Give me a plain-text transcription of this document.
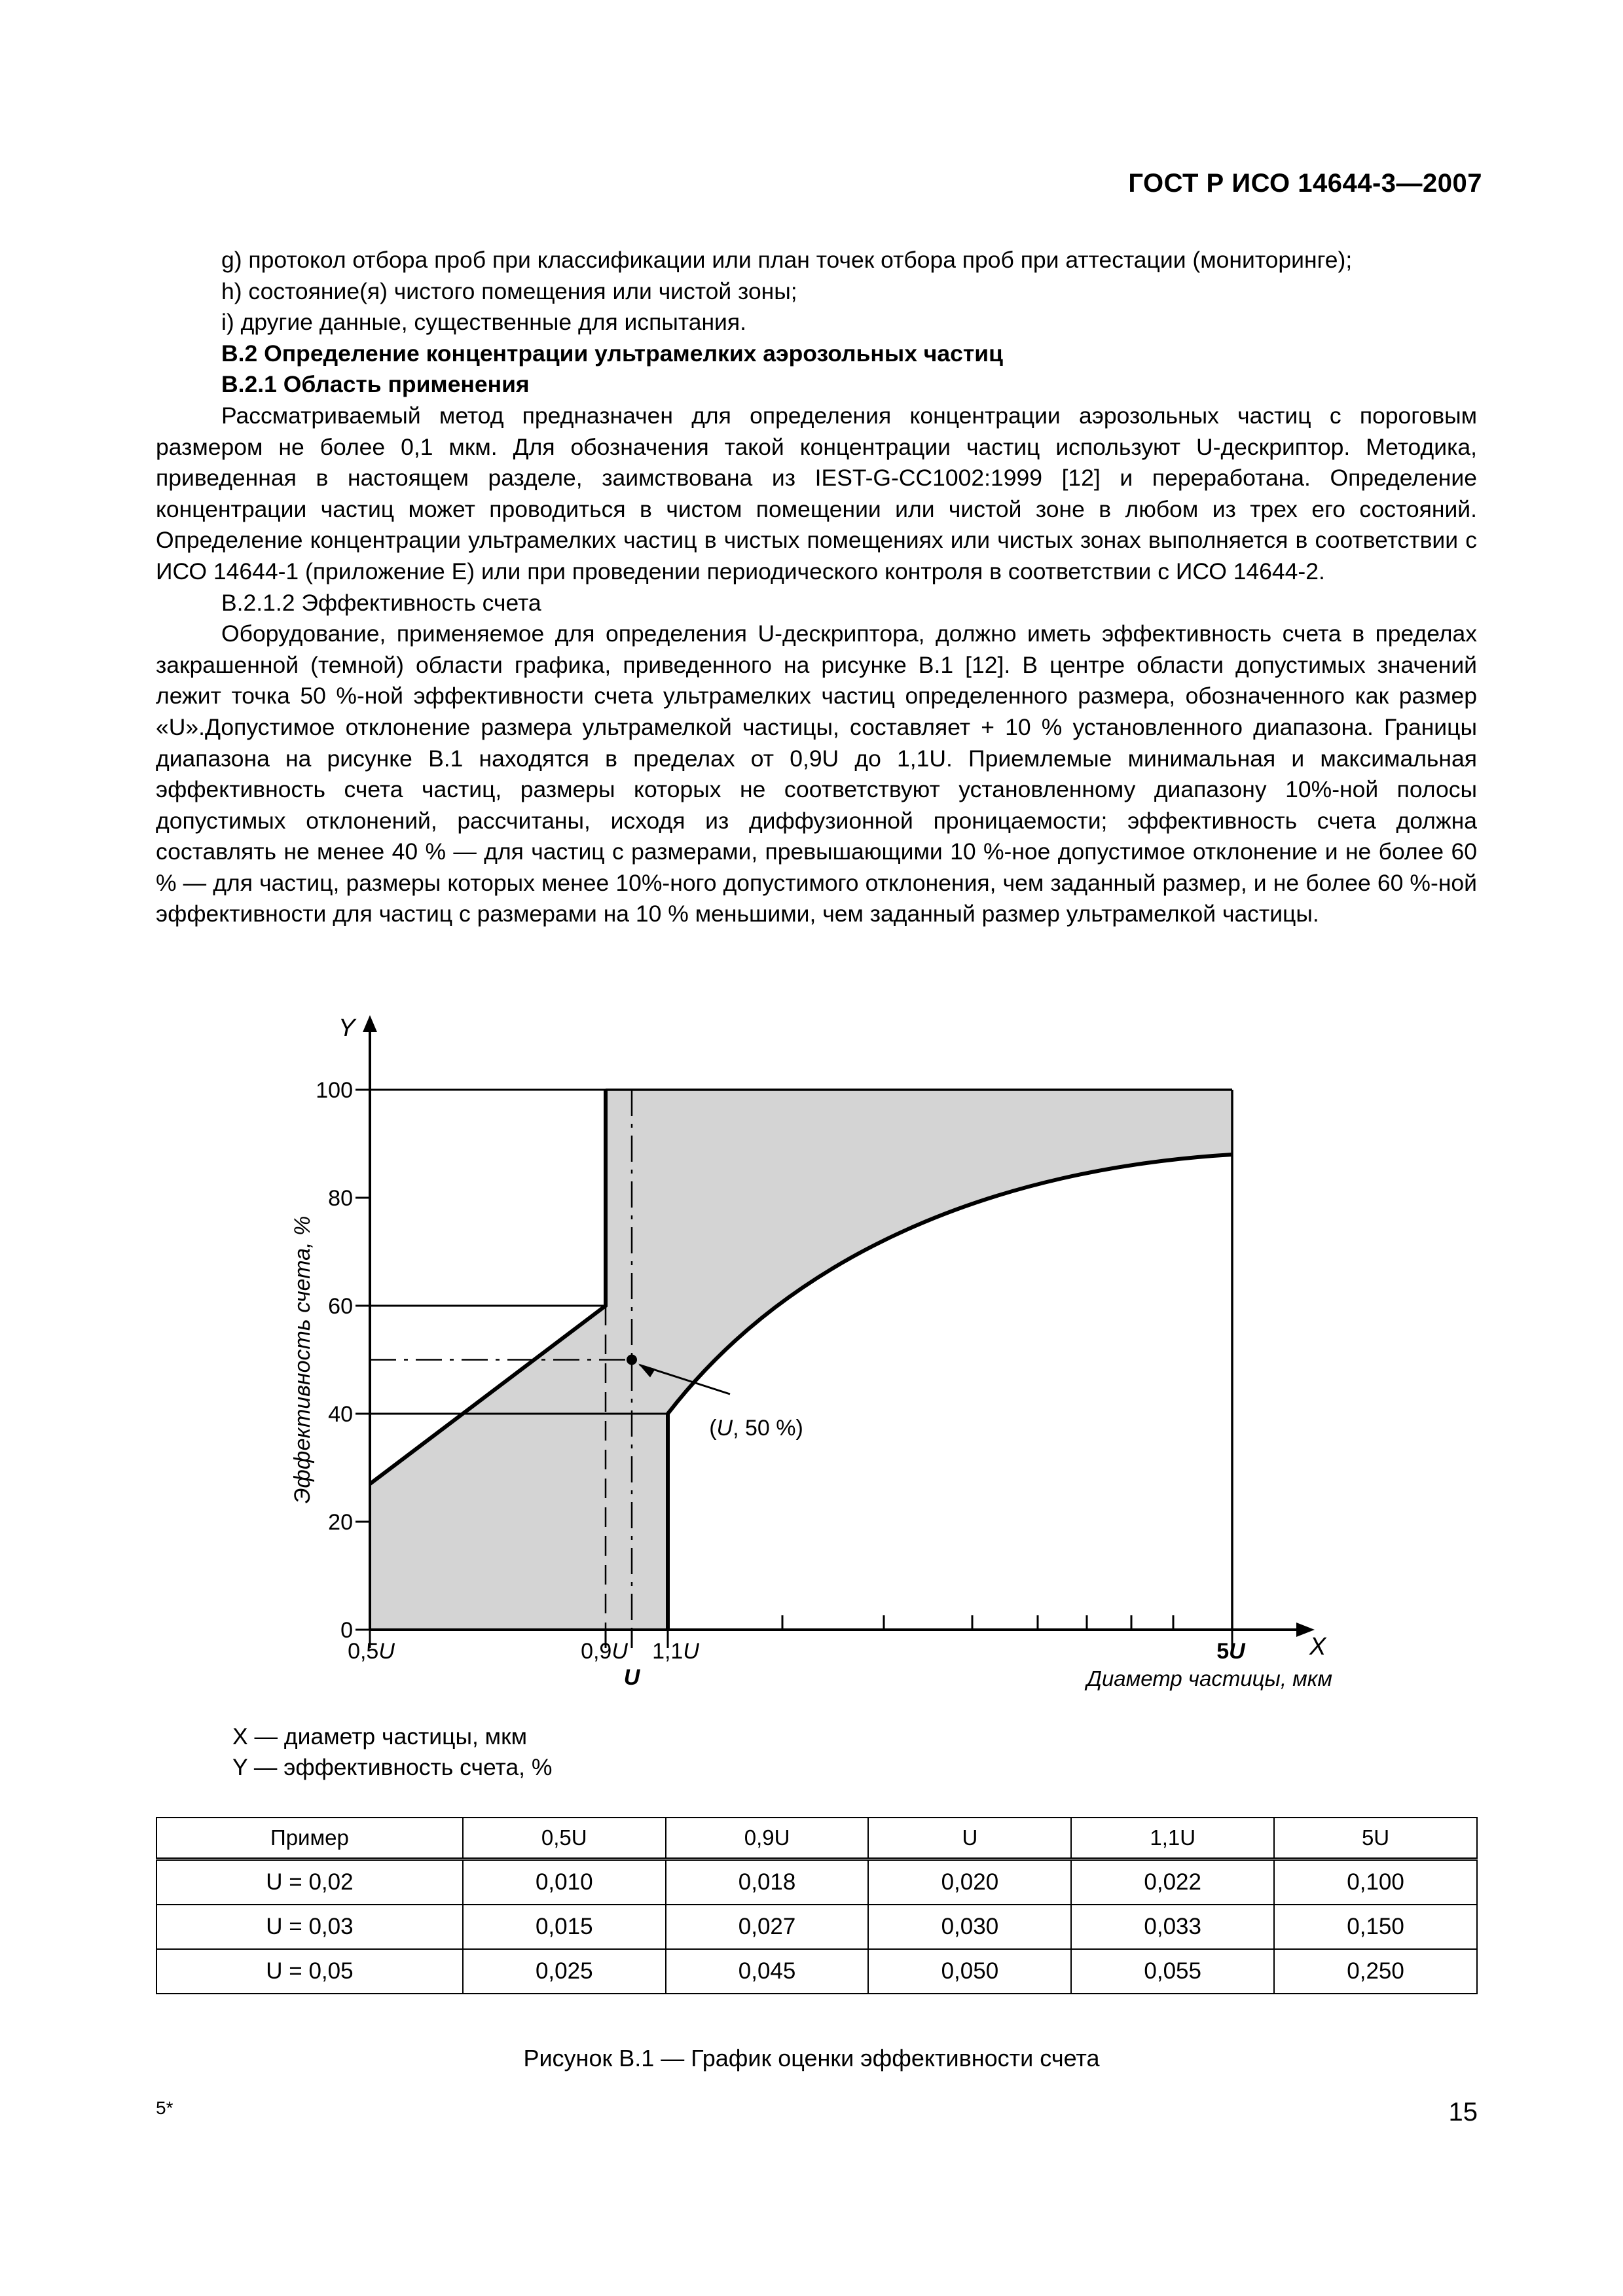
ГОСТ Р ИСО 14644-3—2007

g) протокол отбора проб при классификации или план точек отбора проб при аттестации (мониторинге);

h) состояние(я) чистого помещения или чистой зоны;

i) другие данные, существенные для испытания.

B.2 Определение концентрации ультрамелких аэрозольных частиц

B.2.1 Область применения

Рассматриваемый метод предназначен для определения концентрации аэрозольных частиц с пороговым размером не более 0,1 мкм. Для обозначения такой концентрации частиц используют U-дескриптор. Методика, приведенная в настоящем разделе, заимствована из IEST-G-CC1002:1999 [12] и переработана. Определение концентрации частиц может проводиться в чистом помещении или чистой зоне в любом из трех его состояний. Определение концентрации ультрамелких частиц в чистых помещениях или чистых зонах выполняется в соответствии с ИСО 14644-1 (приложение Е) или при проведении периодического контроля в соответствии с ИСО 14644-2.

B.2.1.2 Эффективность счета

Оборудование, применяемое для определения U-дескриптора, должно иметь эффективность счета в пределах закрашенной (темной) области графика, приведенного на рисунке B.1 [12]. В центре области допустимых значений лежит точка 50 %-ной эффективности счета ультрамелких частиц определенного размера, обозначенного как размер «U».Допустимое отклонение размера ультрамелкой частицы, составляет + 10 % установленного диапазона. Границы диапазона на рисунке B.1 находятся в пределах от 0,9U до 1,1U. Приемлемые минимальная и максимальная эффективность счета частиц, размеры которых не соответствуют установленному диапазону 10%-ной полосы допустимых отклонений, рассчитаны, исходя из диффузионной проницаемости; эффективность счета должна составлять не менее 40 % — для частиц с размерами, превышающими 10 %-ное допустимое отклонение и не более 60 % — для частиц, размеры которых менее 10%-ного допустимого отклонения, чем заданный размер, и не более 60 %-ной эффективности для частиц с размерами на 10 % меньшими, чем заданный размер ультрамелкой частицы.

0
20
40
60
80
100
0,5U	0,9U
U
1,1U	5U	X
Y
Диаметр частицы, мкм
Эффективность счета, %	(U, 50 %)
X — диаметр частицы, мкм
Y — эффективность счета, %
Пример	0,5U	0,9U	U	1,1U	5U
U = 0,02	0,010	0,018	0,020	0,022	0,100
U = 0,03	0,015	0,027	0,030	0,033	0,150
U = 0,05	0,025	0,045	0,050	0,055	0,250
Рисунок B.1 — График оценки эффективности счета
5*	15
